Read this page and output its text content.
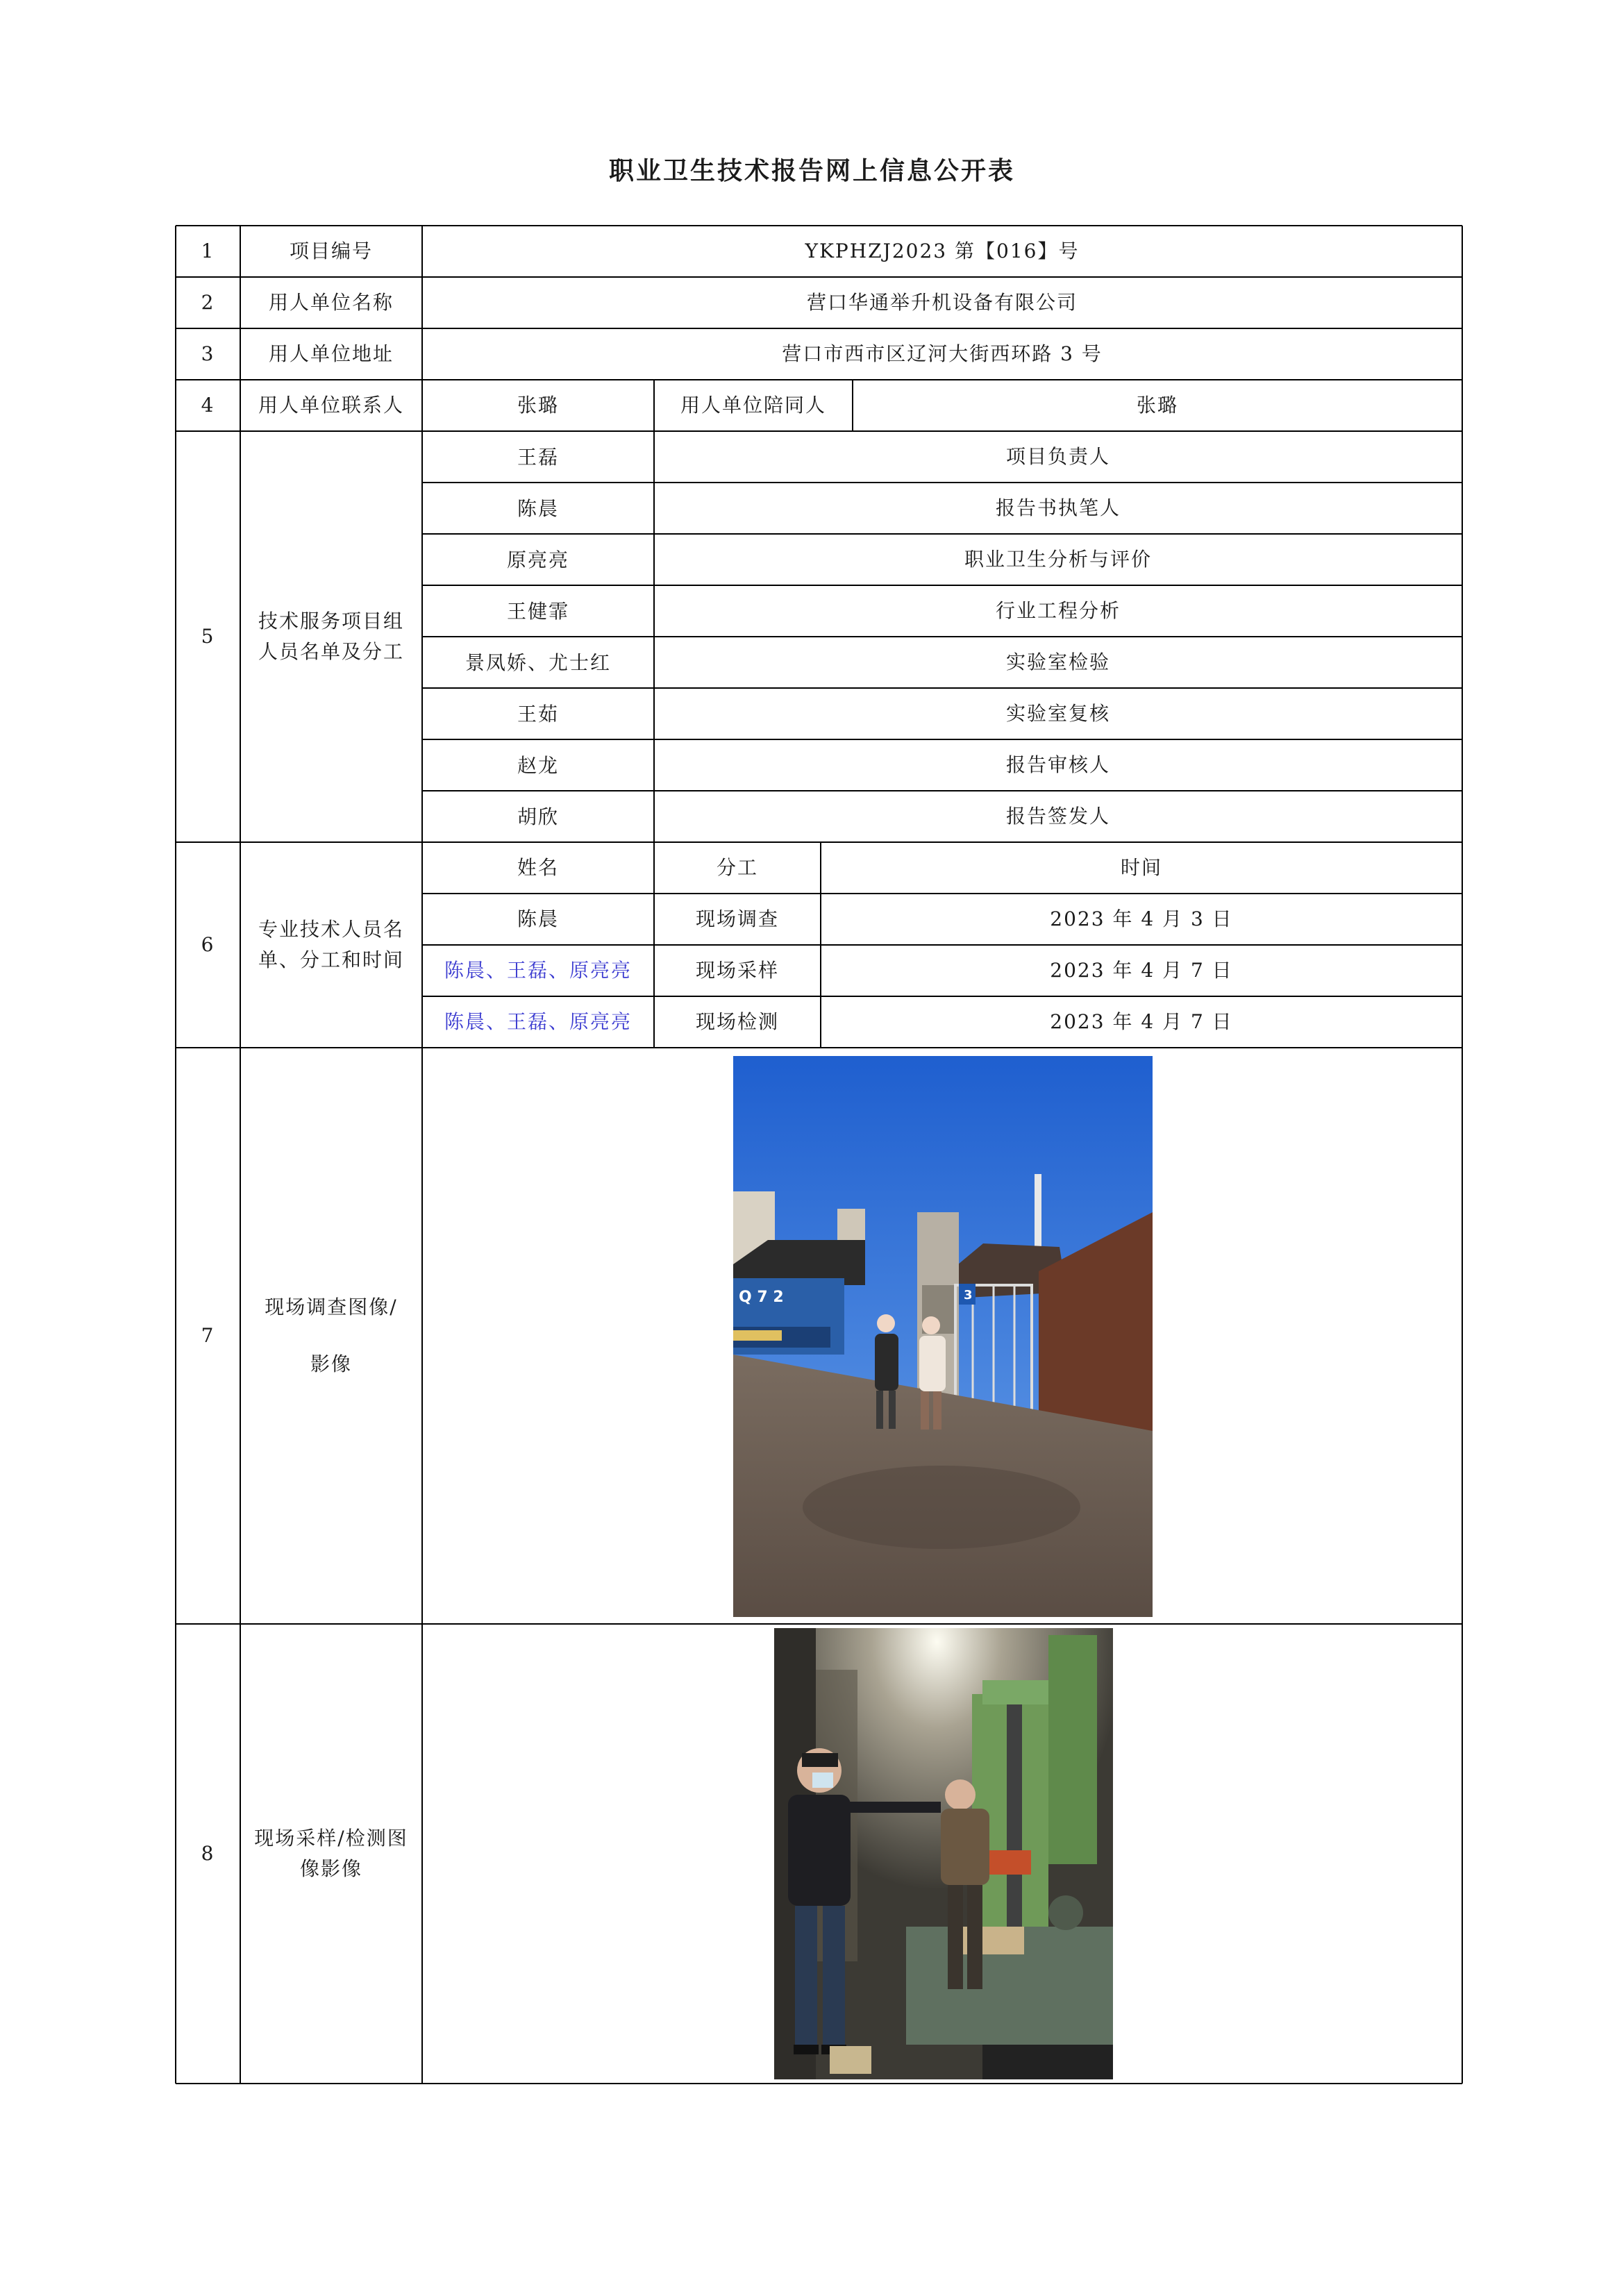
职业卫生技术报告网上信息公开表
1	项目编号	YKPHZJ2023 第【016】号
2	用人单位名称	营口华通举升机设备有限公司
3	用人单位地址	营口市西市区辽河大街西环路 3 号
4	用人单位联系人	张璐	用人单位陪同人	张璐
5
技术服务项目组人员名单及分工
王磊	项目负责人
陈晨	报告书执笔人
原亮亮	职业卫生分析与评价
王健霏	行业工程分析
景凤娇、尤士红	实验室检验
王茹	实验室复核
赵龙	报告审核人
胡欣	报告签发人
6
专业技术人员名单、分工和时间
姓名	分工	时间
陈晨	现场调查	2023 年 4 月 3 日
陈晨、王磊、原亮亮	现场采样	2023 年 4 月 7 日
陈晨、王磊、原亮亮	现场检测	2023 年 4 月 7 日
7
现场调查图像/
影像
Q 7 2	3
8
现场采样/检测图像影像
